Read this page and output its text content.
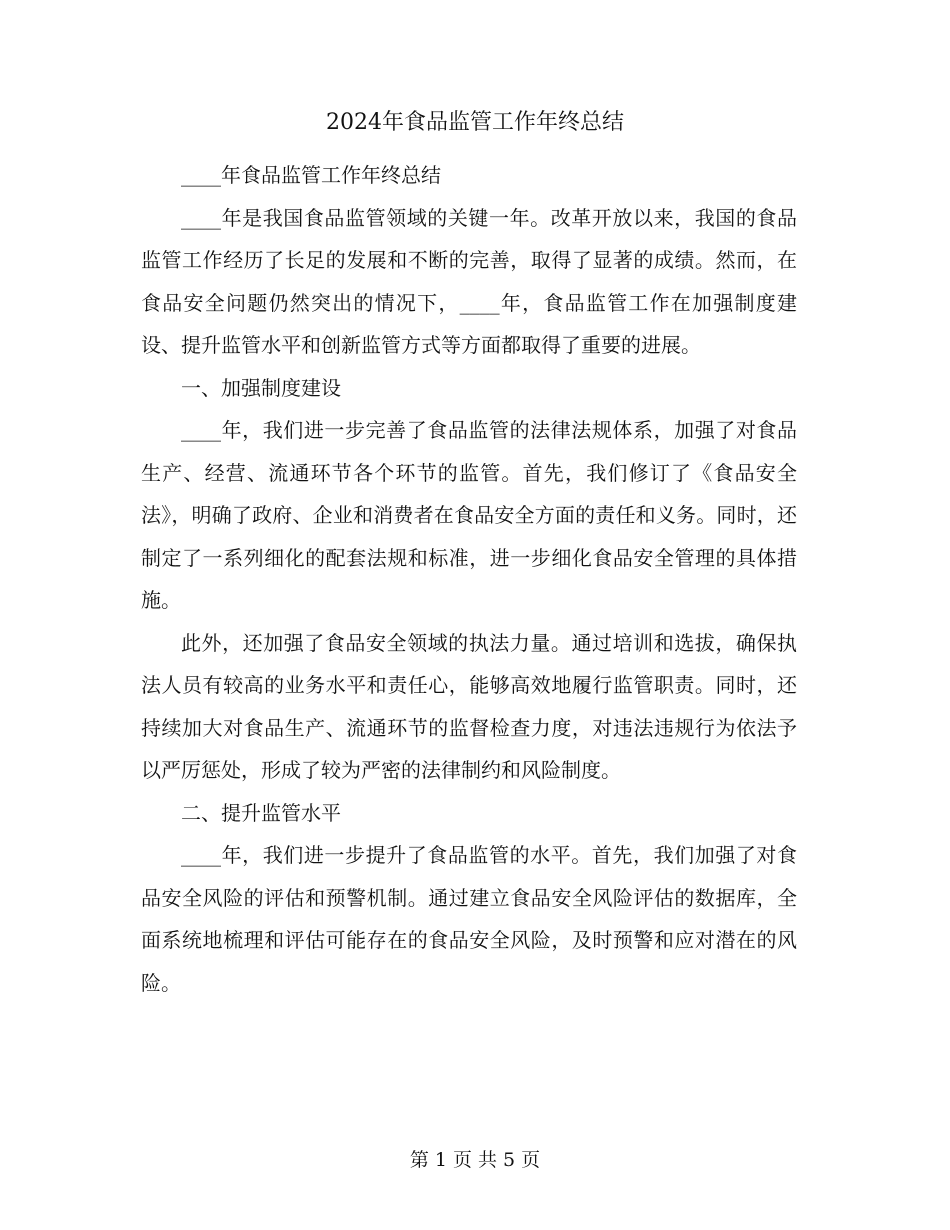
2024年食品监管工作年终总结

____年食品监管工作年终总结

____年是我国食品监管领域的关键一年。改革开放以来，我国的食品监管工作经历了长足的发展和不断的完善，取得了显著的成绩。然而，在食品安全问题仍然突出的情况下，____年，食品监管工作在加强制度建设、提升监管水平和创新监管方式等方面都取得了重要的进展。

一、加强制度建设

____年，我们进一步完善了食品监管的法律法规体系，加强了对食品生产、经营、流通环节各个环节的监管。首先，我们修订了《食品安全法》，明确了政府、企业和消费者在食品安全方面的责任和义务。同时，还制定了一系列细化的配套法规和标准，进一步细化食品安全管理的具体措施。

此外，还加强了食品安全领域的执法力量。通过培训和选拔，确保执法人员有较高的业务水平和责任心，能够高效地履行监管职责。同时，还持续加大对食品生产、流通环节的监督检查力度，对违法违规行为依法予以严厉惩处，形成了较为严密的法律制约和风险制度。

二、提升监管水平

____年，我们进一步提升了食品监管的水平。首先，我们加强了对食品安全风险的评估和预警机制。通过建立食品安全风险评估的数据库，全面系统地梳理和评估可能存在的食品安全风险，及时预警和应对潜在的风险。

第 1 页 共 5 页
